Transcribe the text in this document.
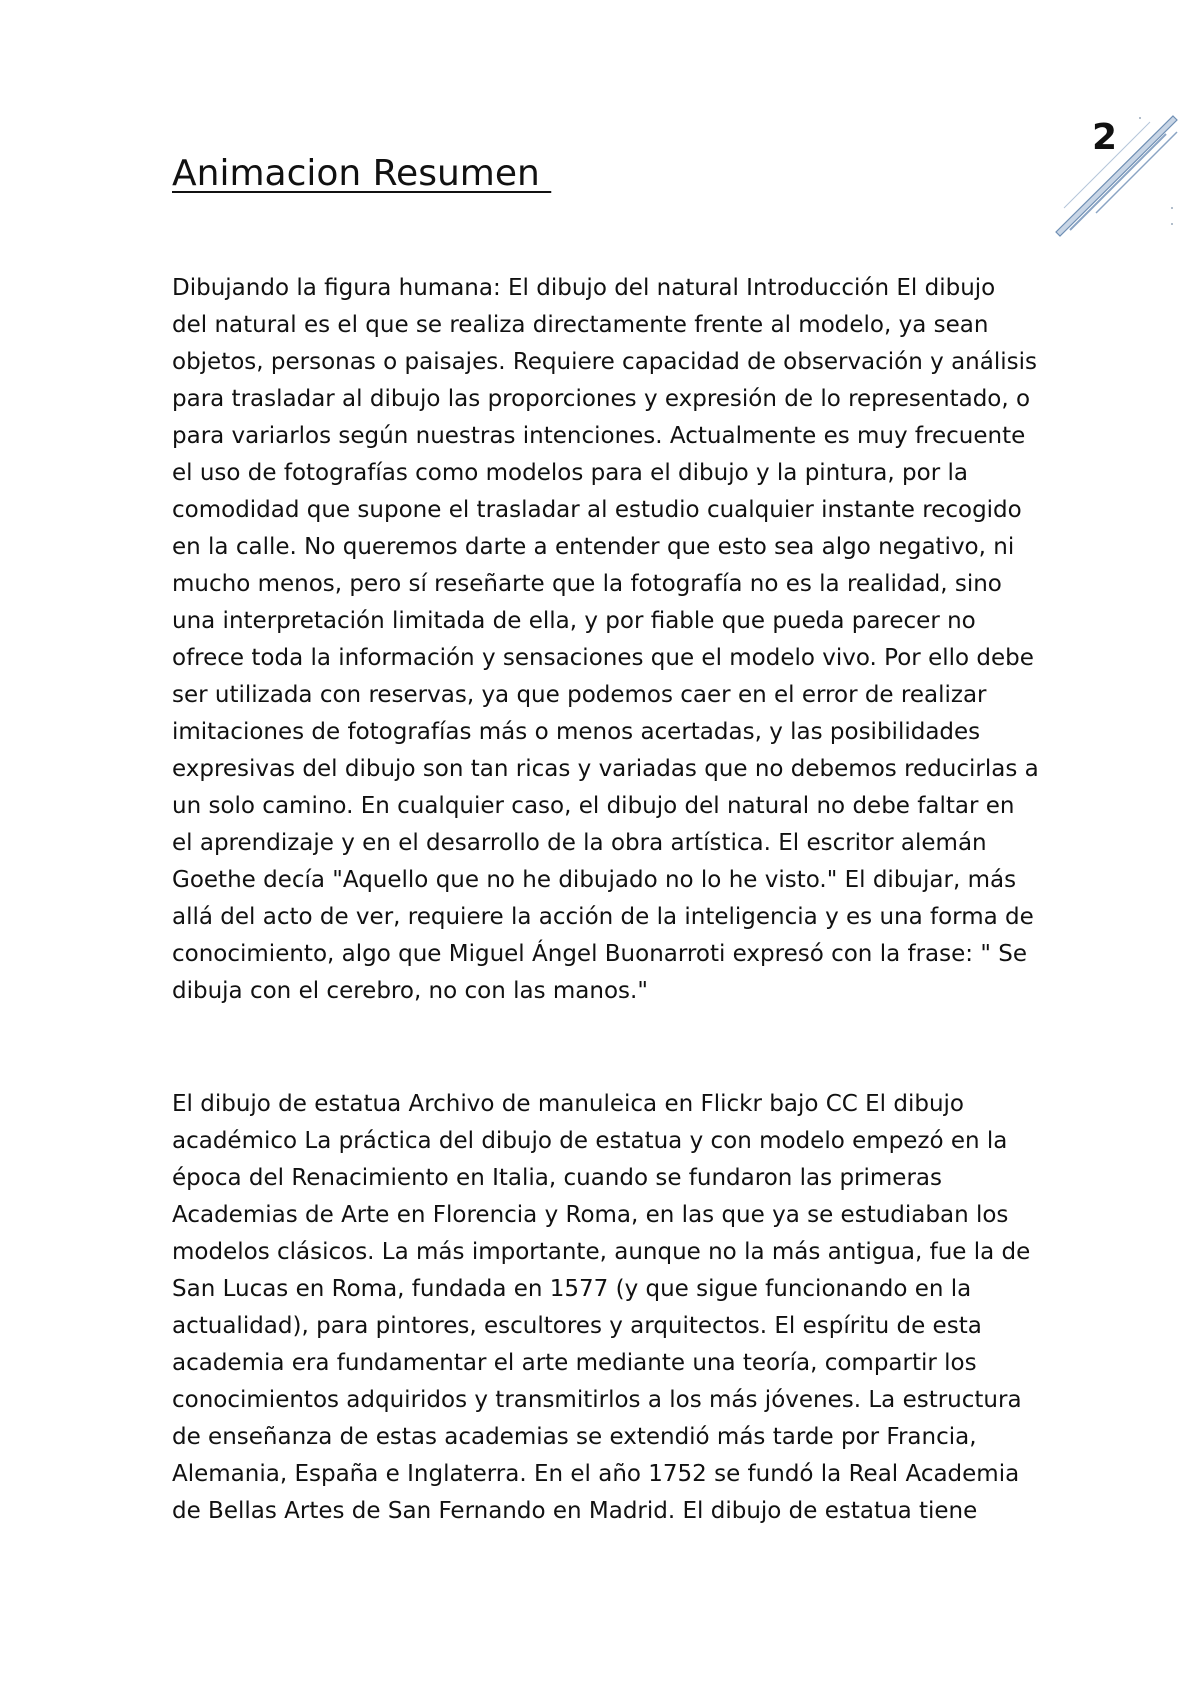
Animacion Resumen
2

Dibujando la figura humana: El dibujo del natural Introducción El dibujo
del natural es el que se realiza directamente frente al modelo, ya sean
objetos, personas o paisajes. Requiere capacidad de observación y análisis
para trasladar al dibujo las proporciones y expresión de lo representado, o
para variarlos según nuestras intenciones. Actualmente es muy frecuente
el uso de fotografías como modelos para el dibujo y la pintura, por la
comodidad que supone el trasladar al estudio cualquier instante recogido
en la calle. No queremos darte a entender que esto sea algo negativo, ni
mucho menos, pero sí reseñarte que la fotografía no es la realidad, sino
una interpretación limitada de ella, y por fiable que pueda parecer no
ofrece toda la información y sensaciones que el modelo vivo. Por ello debe
ser utilizada con reservas, ya que podemos caer en el error de realizar
imitaciones de fotografías más o menos acertadas, y las posibilidades
expresivas del dibujo son tan ricas y variadas que no debemos reducirlas a
un solo camino. En cualquier caso, el dibujo del natural no debe faltar en
el aprendizaje y en el desarrollo de la obra artística. El escritor alemán
Goethe decía "Aquello que no he dibujado no lo he visto." El dibujar, más
allá del acto de ver, requiere la acción de la inteligencia y es una forma de
conocimiento, algo que Miguel Ángel Buonarroti expresó con la frase: " Se
dibuja con el cerebro, no con las manos."

El dibujo de estatua Archivo de manuleica en Flickr bajo CC El dibujo
académico La práctica del dibujo de estatua y con modelo empezó en la
época del Renacimiento en Italia, cuando se fundaron las primeras
Academias de Arte en Florencia y Roma, en las que ya se estudiaban los
modelos clásicos. La más importante, aunque no la más antigua, fue la de
San Lucas en Roma, fundada en 1577 (y que sigue funcionando en la
actualidad), para pintores, escultores y arquitectos. El espíritu de esta
academia era fundamentar el arte mediante una teoría, compartir los
conocimientos adquiridos y transmitirlos a los más jóvenes. La estructura
de enseñanza de estas academias se extendió más tarde por Francia,
Alemania, España e Inglaterra. En el año 1752 se fundó la Real Academia
de Bellas Artes de San Fernando en Madrid. El dibujo de estatua tiene
